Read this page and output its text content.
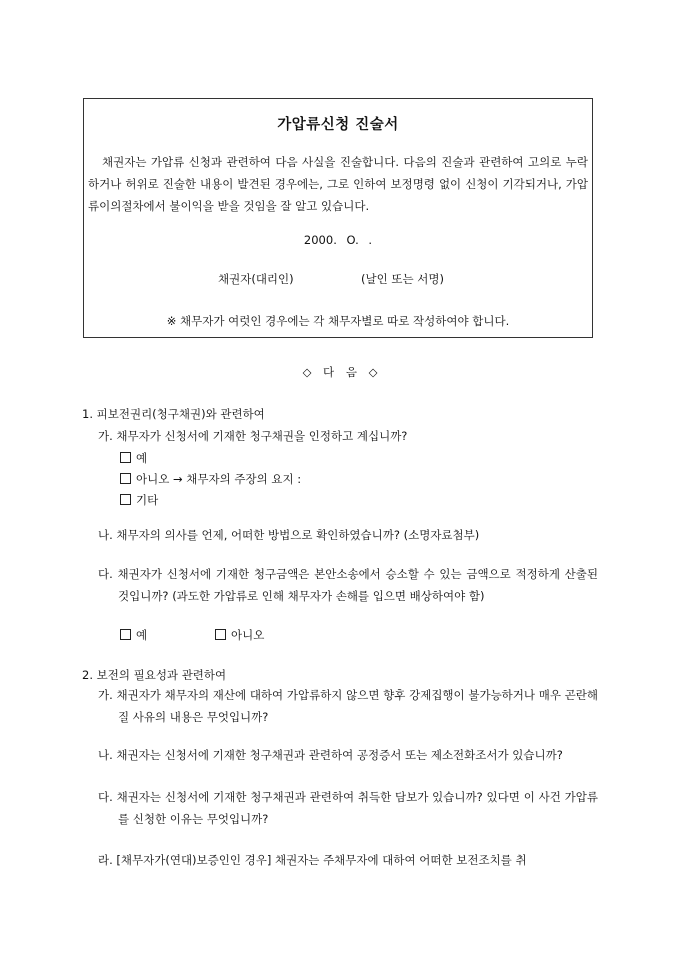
가압류신청 진술서
채권자는 가압류 신청과 관련하여 다음 사실을 진술합니다. 다음의 진술과 관련하여 고의로 누락하거나 허위로 진술한 내용이 발견된 경우에는, 그로 인하여 보정명령 없이 신청이 기각되거나, 가압류이의절차에서 불이익을 받을 것임을 잘 알고 있습니다.
2000. O. .
채권자(대리인)	(날인 또는 서명)
※ 채무자가 여럿인 경우에는 각 채무자별로 따로 작성하여야 합니다.
◇ 다 음 ◇
1. 피보전권리(청구채권)와 관련하여
가. 채무자가 신청서에 기재한 청구채권을 인정하고 계십니까?
예
아니오 → 채무자의 주장의 요지 :
기타
나. 채무자의 의사를 언제, 어떠한 방법으로 확인하였습니까? (소명자료첨부)
다. 채권자가 신청서에 기재한 청구금액은 본안소송에서 승소할 수 있는 금액으로 적정하게 산출된 것입니까? (과도한 가압류로 인해 채무자가 손해를 입으면 배상하여야 함)
예	아니오
2. 보전의 필요성과 관련하여
가. 채권자가 채무자의 재산에 대하여 가압류하지 않으면 향후 강제집행이 불가능하거나 매우 곤란해질 사유의 내용은 무엇입니까?
나. 채권자는 신청서에 기재한 청구채권과 관련하여 공정증서 또는 제소전화조서가 있습니까?
다. 채권자는 신청서에 기재한 청구채권과 관련하여 취득한 담보가 있습니까? 있다면 이 사건 가압류를 신청한 이유는 무엇입니까?
라. [채무자가(연대)보증인인 경우] 채권자는 주채무자에 대하여 어떠한 보전조치를 취
